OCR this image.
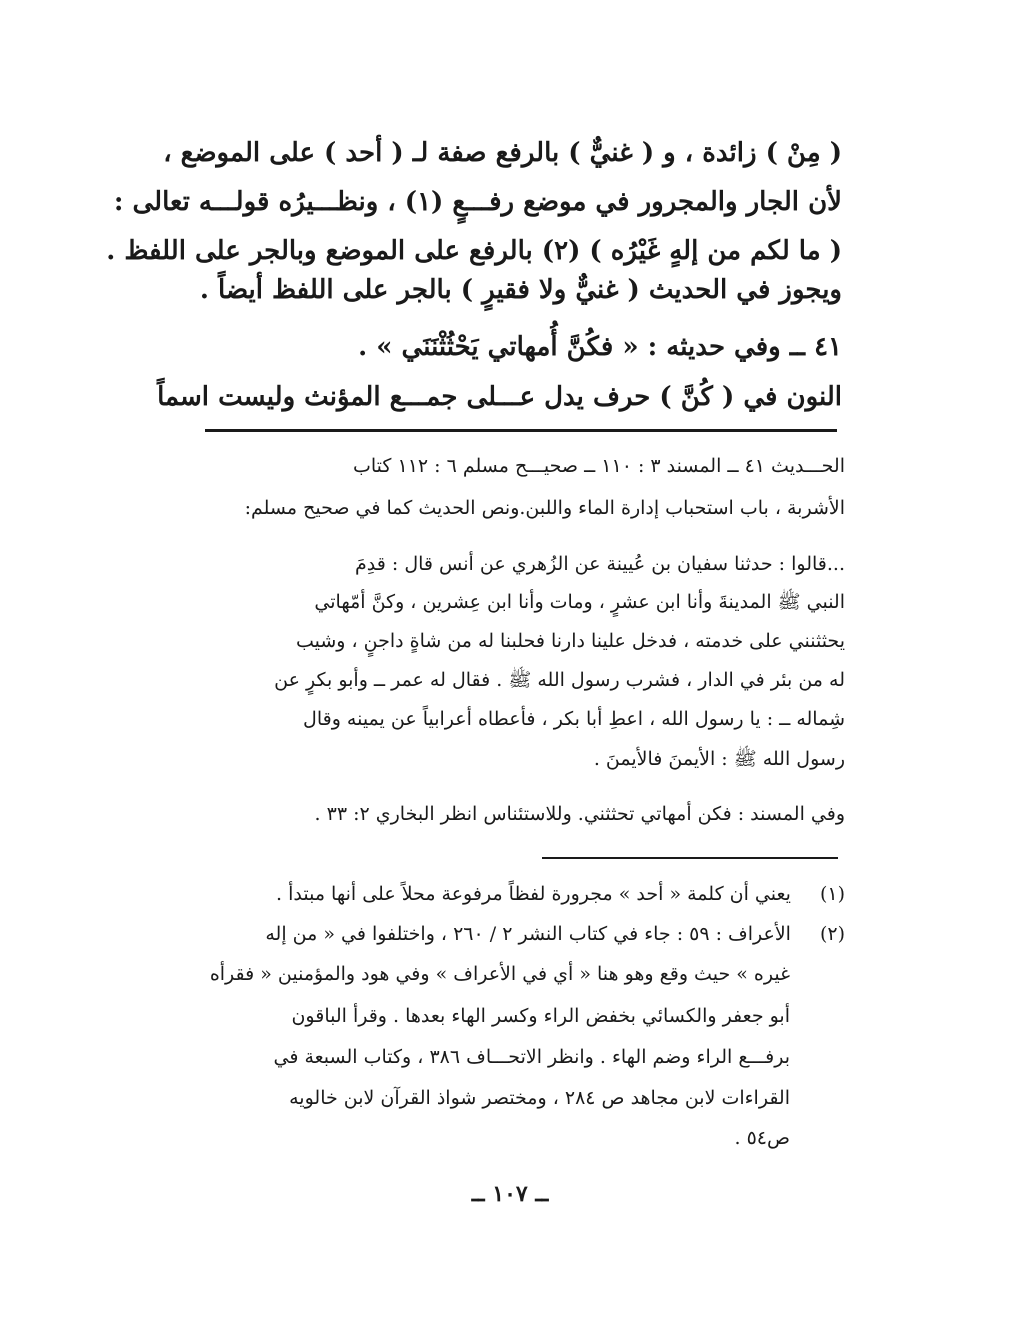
( مِنْ ) زائدة ، و ( غنيٌّ ) بالرفع صفة لـ ( أحد ) على الموضع ،
لأن الجار والمجرور في موضع رفـــعٍ (١) ، ونظـــيرُه قولـــه تعالى :
( ما لكم من إلهٍ غَيْرُه ) (٢) بالرفع على الموضع وبالجر على اللفظ .
ويجوز في الحديث ( غنيٌّ ولا فقيرٍ ) بالجر على اللفظ أيضاً .
٤١ ــ وفي حديثه : « فكُنَّ أُمهاتي يَحْثُثْنَنَي » .
النون في ( كُنَّ ) حرف يدل عـــلى جمـــع المؤنث وليست اسماً
الحـــديث ٤١ ــ المسند ٣ : ١١٠ ــ صحيـــح مسلم ٦ : ١١٢ كتاب
الأشربة ، باب استحباب إدارة الماء واللبن.ونص الحديث كما في صحيح مسلم:
...قالوا : حدثنا سفيان بن عُيينة عن الزُهري عن أنس قال : قدِمَ
النبي ﷺ المدينةَ وأنا ابن عشرٍ ، ومات وأنا ابن عِشرين ، وكنَّ أمّهاتي
يحثثنني على خدمته ، فدخل علينا دارنا فحلبنا له من شاةٍ داجنٍ ، وشيب
له من بئر في الدار ، فشرب رسول الله ﷺ . فقال له عمر ــ وأبو بكرٍ عن
شِماله ــ : يا رسول الله ، اعطِ أبا بكر ، فأعطاه أعرابياً عن يمينه وقال
رسول الله ﷺ : الأيمنَ فالأيمنَ .
وفي المسند : فكن أمهاتي تحثثني. وللاستئناس انظر البخاري ٢: ٣٣ .
(١) يعني أن كلمة « أحد » مجرورة لفظاً مرفوعة محلاً على أنها مبتدأ .
(٢) الأعراف : ٥٩ : جاء في كتاب النشر ٢ / ٢٦٠ ، واختلفوا في « من إله
غيره » حيث وقع وهو هنا « أي في الأعراف » وفي هود والمؤمنين « فقرأه
أبو جعفر والكسائي بخفض الراء وكسر الهاء بعدها . وقرأ الباقون
برفـــع الراء وضم الهاء . وانظر الاتحـــاف ٣٨٦ ، وكتاب السبعة في
القراءات لابن مجاهد ص ٢٨٤ ، ومختصر شواذ القرآن لابن خالويه
ص٥٤ .
ــ ١٠٧ ــ
